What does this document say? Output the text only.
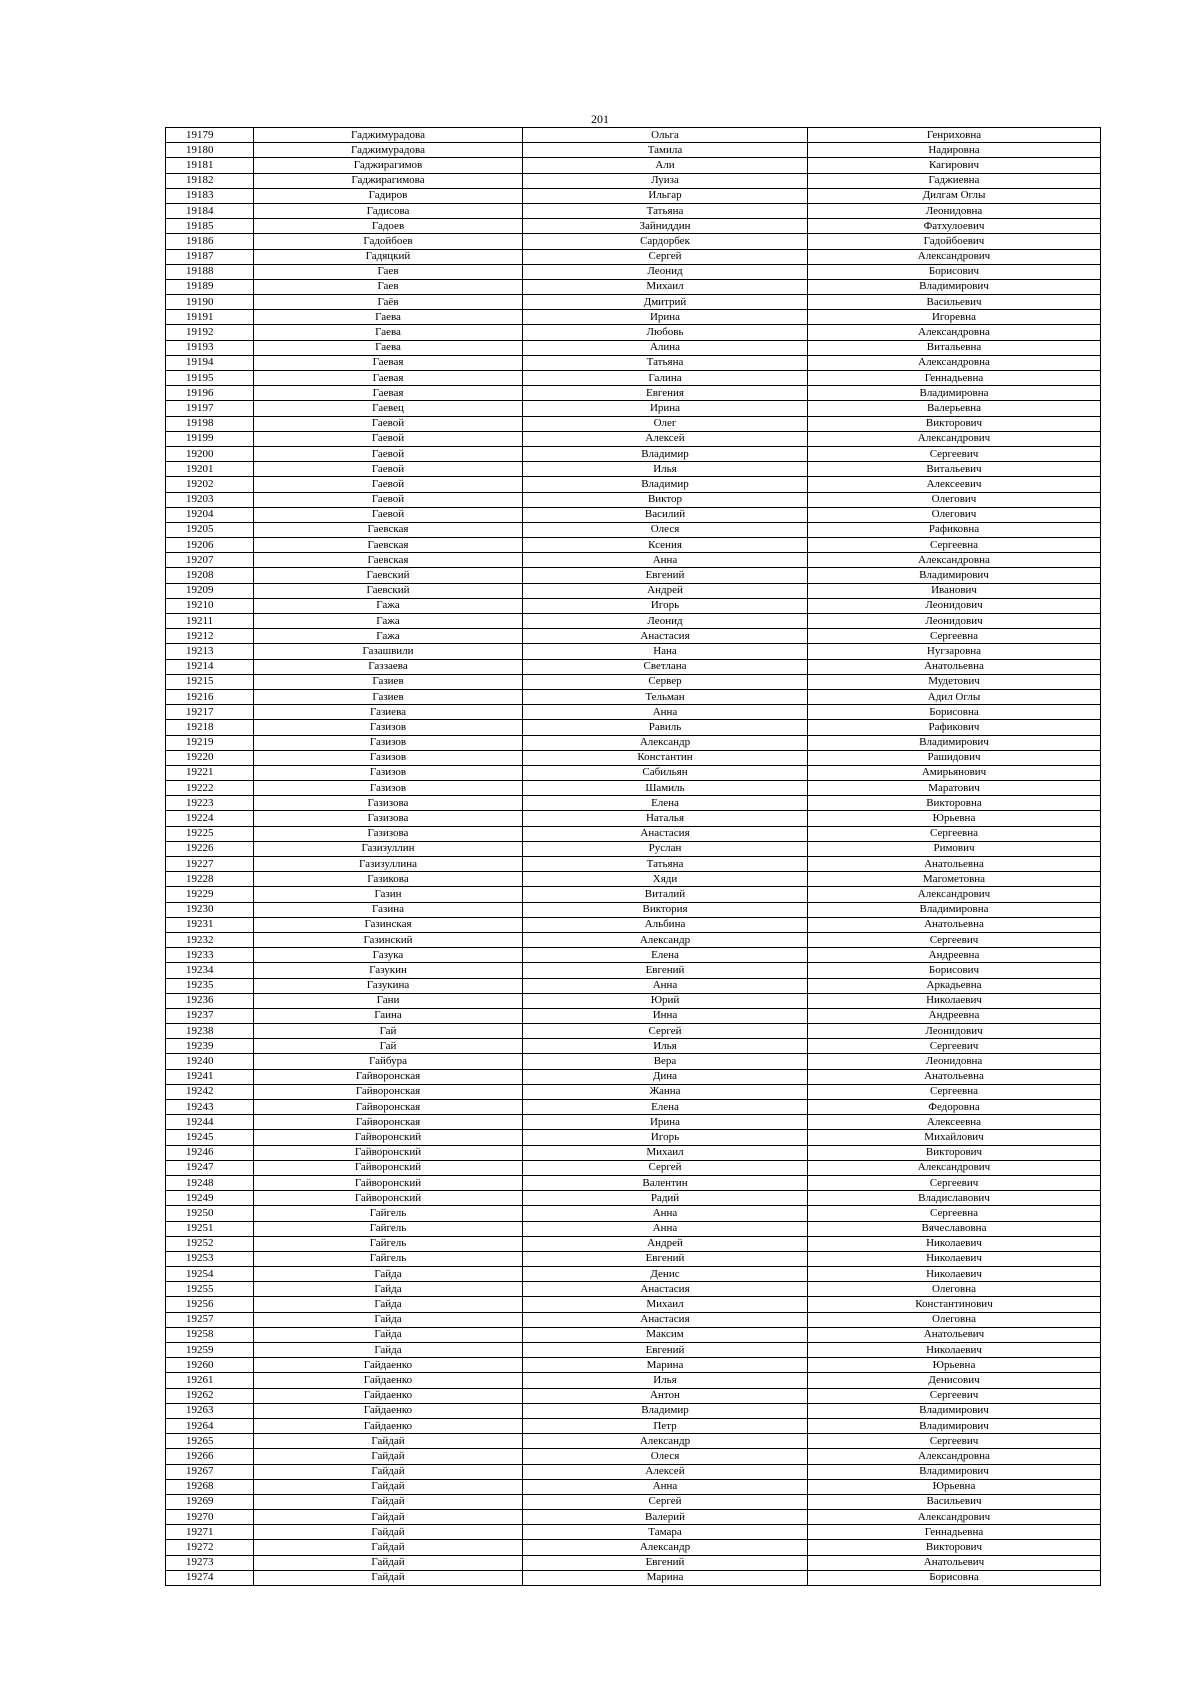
201
19179	Гаджимурадова	Ольга	Генриховна
19180	Гаджимурадова	Тамила	Надировна
19181	Гаджирагимов	Али	Кагирович
19182	Гаджирагимова	Луиза	Гаджиевна
19183	Гадиров	Ильгар	Дилгам Оглы
19184	Гадисова	Татьяна	Леонидовна
19185	Гадоев	Зайниддин	Фатхулоевич
19186	Гадойбоев	Сардорбек	Гадойбоевич
19187	Гадяцкий	Сергей	Александрович
19188	Гаев	Леонид	Борисович
19189	Гаев	Михаил	Владимирович
19190	Гаёв	Дмитрий	Васильевич
19191	Гаева	Ирина	Игоревна
19192	Гаева	Любовь	Александровна
19193	Гаева	Алина	Витальевна
19194	Гаевая	Татьяна	Александровна
19195	Гаевая	Галина	Геннадьевна
19196	Гаевая	Евгения	Владимировна
19197	Гаевец	Ирина	Валерьевна
19198	Гаевой	Олег	Викторович
19199	Гаевой	Алексей	Александрович
19200	Гаевой	Владимир	Сергеевич
19201	Гаевой	Илья	Витальевич
19202	Гаевой	Владимир	Алексеевич
19203	Гаевой	Виктор	Олегович
19204	Гаевой	Василий	Олегович
19205	Гаевская	Олеся	Рафиковна
19206	Гаевская	Ксения	Сергеевна
19207	Гаевская	Анна	Александровна
19208	Гаевский	Евгений	Владимирович
19209	Гаевский	Андрей	Иванович
19210	Гажа	Игорь	Леонидович
19211	Гажа	Леонид	Леонидович
19212	Гажа	Анастасия	Сергеевна
19213	Газашвили	Нана	Нугзаровна
19214	Газзаева	Светлана	Анатольевна
19215	Газиев	Сервер	Мудетович
19216	Газиев	Тельман	Адил Оглы
19217	Газиева	Анна	Борисовна
19218	Газизов	Равиль	Рафикович
19219	Газизов	Александр	Владимирович
19220	Газизов	Константин	Рашидович
19221	Газизов	Сабильян	Амирьянович
19222	Газизов	Шамиль	Маратович
19223	Газизова	Елена	Викторовна
19224	Газизова	Наталья	Юрьевна
19225	Газизова	Анастасия	Сергеевна
19226	Газизуллин	Руслан	Римович
19227	Газизуллина	Татьяна	Анатольевна
19228	Газикова	Хяди	Магометовна
19229	Газин	Виталий	Александрович
19230	Газина	Виктория	Владимировна
19231	Газинская	Альбина	Анатольевна
19232	Газинский	Александр	Сергеевич
19233	Газука	Елена	Андреевна
19234	Газукин	Евгений	Борисович
19235	Газукина	Анна	Аркадьевна
19236	Гани	Юрий	Николаевич
19237	Гаина	Инна	Андреевна
19238	Гай	Сергей	Леонидович
19239	Гай	Илья	Сергеевич
19240	Гайбура	Вера	Леонидовна
19241	Гайворонская	Дина	Анатольевна
19242	Гайворонская	Жанна	Сергеевна
19243	Гайворонская	Елена	Федоровна
19244	Гайворонская	Ирина	Алексеевна
19245	Гайворонский	Игорь	Михайлович
19246	Гайворонский	Михаил	Викторович
19247	Гайворонский	Сергей	Александрович
19248	Гайворонский	Валентин	Сергеевич
19249	Гайворонский	Радий	Владиславович
19250	Гайгель	Анна	Сергеевна
19251	Гайгель	Анна	Вячеславовна
19252	Гайгель	Андрей	Николаевич
19253	Гайгель	Евгений	Николаевич
19254	Гайда	Денис	Николаевич
19255	Гайда	Анастасия	Олеговна
19256	Гайда	Михаил	Константинович
19257	Гайда	Анастасия	Олеговна
19258	Гайда	Максим	Анатольевич
19259	Гайда	Евгений	Николаевич
19260	Гайдаенко	Марина	Юрьевна
19261	Гайдаенко	Илья	Денисович
19262	Гайдаенко	Антон	Сергеевич
19263	Гайдаенко	Владимир	Владимирович
19264	Гайдаенко	Петр	Владимирович
19265	Гайдай	Александр	Сергеевич
19266	Гайдай	Олеся	Александровна
19267	Гайдай	Алексей	Владимирович
19268	Гайдай	Анна	Юрьевна
19269	Гайдай	Сергей	Васильевич
19270	Гайдай	Валерий	Александрович
19271	Гайдай	Тамара	Геннадьевна
19272	Гайдай	Александр	Викторович
19273	Гайдай	Евгений	Анатольевич
19274	Гайдай	Марина	Борисовна
